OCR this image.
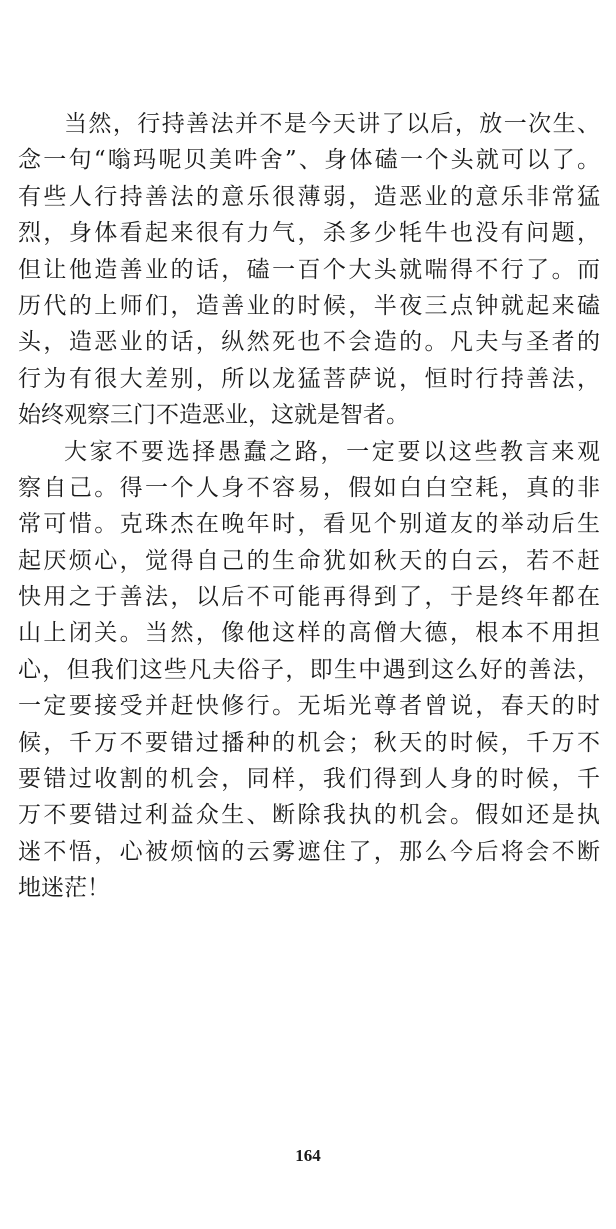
当然，行持善法并不是今天讲了以后，放一次生、
念一句“嗡玛呢贝美吽舍”、身体磕一个头就可以了。
有些人行持善法的意乐很薄弱，造恶业的意乐非常猛
烈，身体看起来很有力气，杀多少牦牛也没有问题，
但让他造善业的话，磕一百个大头就喘得不行了。而
历代的上师们，造善业的时候，半夜三点钟就起来磕
头，造恶业的话，纵然死也不会造的。凡夫与圣者的
行为有很大差别，所以龙猛菩萨说，恒时行持善法，
始终观察三门不造恶业，这就是智者。
大家不要选择愚蠢之路，一定要以这些教言来观
察自己。得一个人身不容易，假如白白空耗，真的非
常可惜。克珠杰在晚年时，看见个别道友的举动后生
起厌烦心，觉得自己的生命犹如秋天的白云，若不赶
快用之于善法，以后不可能再得到了，于是终年都在
山上闭关。当然，像他这样的高僧大德，根本不用担
心，但我们这些凡夫俗子，即生中遇到这么好的善法，
一定要接受并赶快修行。无垢光尊者曾说，春天的时
候，千万不要错过播种的机会；秋天的时候，千万不
要错过收割的机会，同样，我们得到人身的时候，千
万不要错过利益众生、断除我执的机会。假如还是执
迷不悟，心被烦恼的云雾遮住了，那么今后将会不断
地迷茫！
164
